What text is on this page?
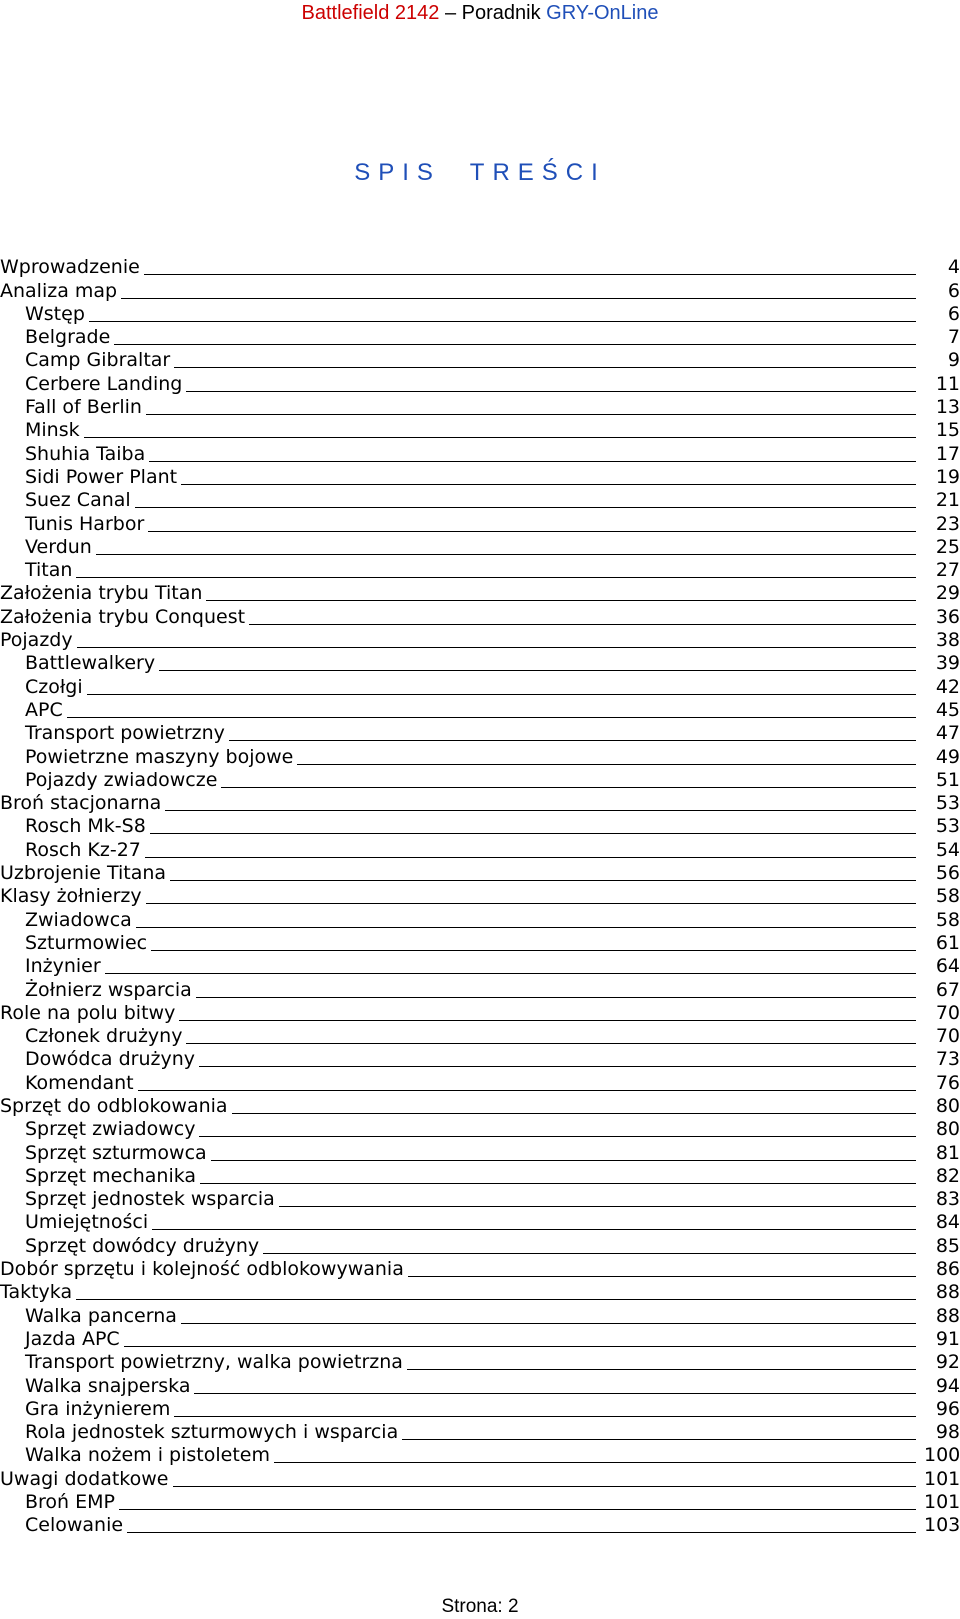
Battlefield 2142 – Poradnik GRY-OnLine
SPIS  TREŚCI
Wprowadzenie	4
Analiza map	6
Wstęp	6
Belgrade	7
Camp Gibraltar	9
Cerbere Landing	11
Fall of Berlin	13
Minsk	15
Shuhia Taiba	17
Sidi Power Plant	19
Suez Canal	21
Tunis Harbor	23
Verdun	25
Titan	27
Założenia trybu Titan	29
Założenia trybu Conquest	36
Pojazdy	38
Battlewalkery	39
Czołgi	42
APC	45
Transport powietrzny	47
Powietrzne maszyny bojowe	49
Pojazdy zwiadowcze	51
Broń stacjonarna	53
Rosch Mk-S8	53
Rosch Kz-27	54
Uzbrojenie Titana	56
Klasy żołnierzy	58
Zwiadowca	58
Szturmowiec	61
Inżynier	64
Żołnierz wsparcia	67
Role na polu bitwy	70
Członek drużyny	70
Dowódca drużyny	73
Komendant	76
Sprzęt do odblokowania	80
Sprzęt zwiadowcy	80
Sprzęt szturmowca	81
Sprzęt mechanika	82
Sprzęt jednostek wsparcia	83
Umiejętności	84
Sprzęt dowódcy drużyny	85
Dobór sprzętu i kolejność odblokowywania	86
Taktyka	88
Walka pancerna	88
Jazda APC	91
Transport powietrzny, walka powietrzna	92
Walka snajperska	94
Gra inżynierem	96
Rola jednostek szturmowych i wsparcia	98
Walka nożem i pistoletem	100
Uwagi dodatkowe	101
Broń EMP	101
Celowanie	103
Strona: 2
